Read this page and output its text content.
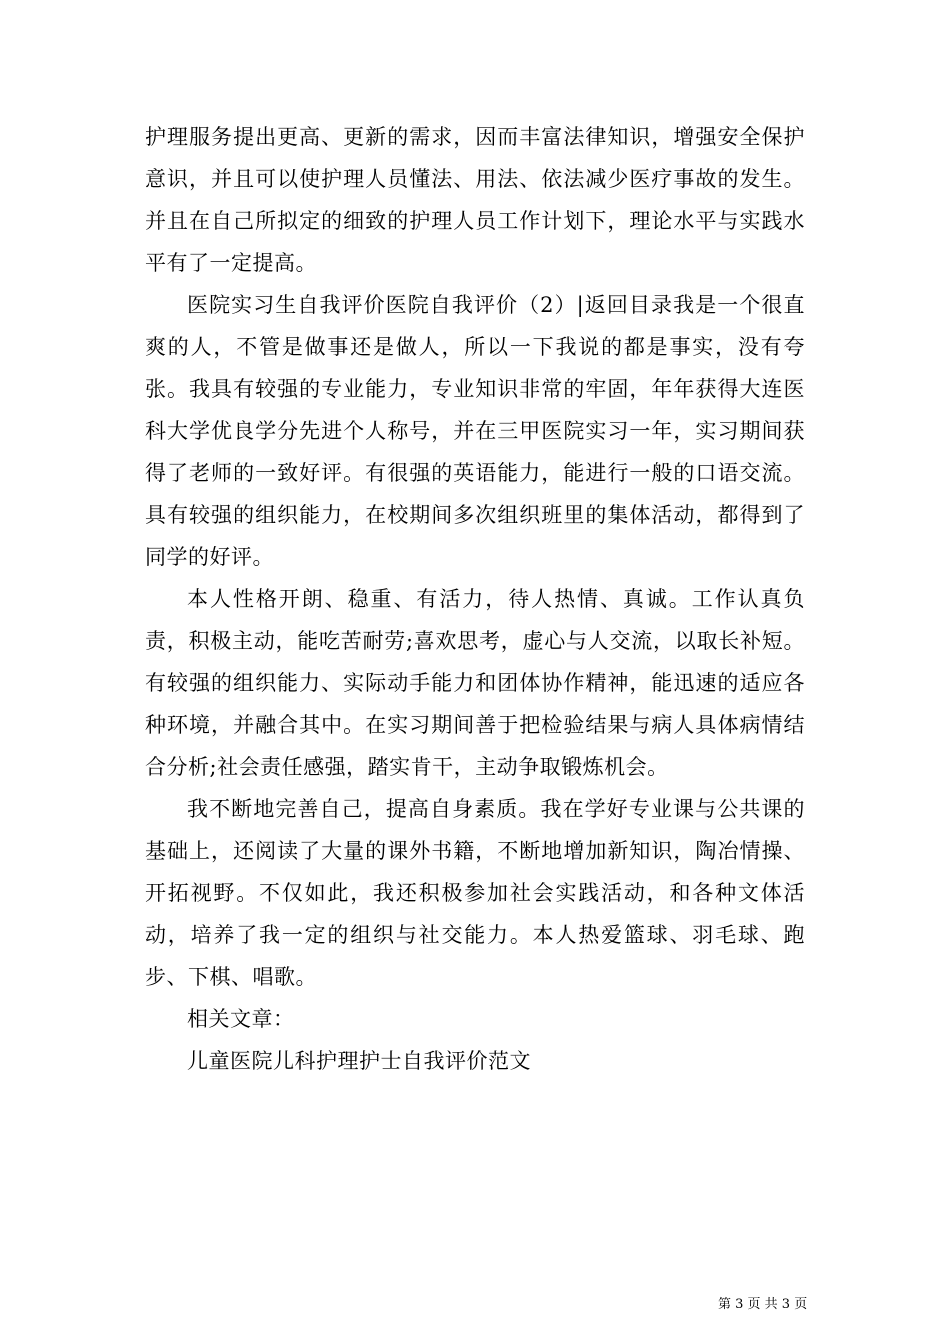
护理服务提出更高、更新的需求，因而丰富法律知识，增强安全保护意识，并且可以使护理人员懂法、用法、依法减少医疗事故的发生。并且在自己所拟定的细致的护理人员工作计划下，理论水平与实践水平有了一定提高。

医院实习生自我评价医院自我评价（2）|返回目录我是一个很直爽的人，不管是做事还是做人，所以一下我说的都是事实，没有夸张。我具有较强的专业能力，专业知识非常的牢固，年年获得大连医科大学优良学分先进个人称号，并在三甲医院实习一年，实习期间获得了老师的一致好评。有很强的英语能力，能进行一般的口语交流。具有较强的组织能力，在校期间多次组织班里的集体活动，都得到了同学的好评。

本人性格开朗、稳重、有活力，待人热情、真诚。工作认真负责，积极主动，能吃苦耐劳;喜欢思考，虚心与人交流，以取长补短。有较强的组织能力、实际动手能力和团体协作精神，能迅速的适应各种环境，并融合其中。在实习期间善于把检验结果与病人具体病情结合分析;社会责任感强，踏实肯干，主动争取锻炼机会。

我不断地完善自己，提高自身素质。我在学好专业课与公共课的基础上，还阅读了大量的课外书籍，不断地增加新知识，陶冶情操、开拓视野。不仅如此，我还积极参加社会实践活动，和各种文体活动，培养了我一定的组织与社交能力。本人热爱篮球、羽毛球、跑步、下棋、唱歌。

相关文章：

儿童医院儿科护理护士自我评价范文

第 3 页 共 3 页
